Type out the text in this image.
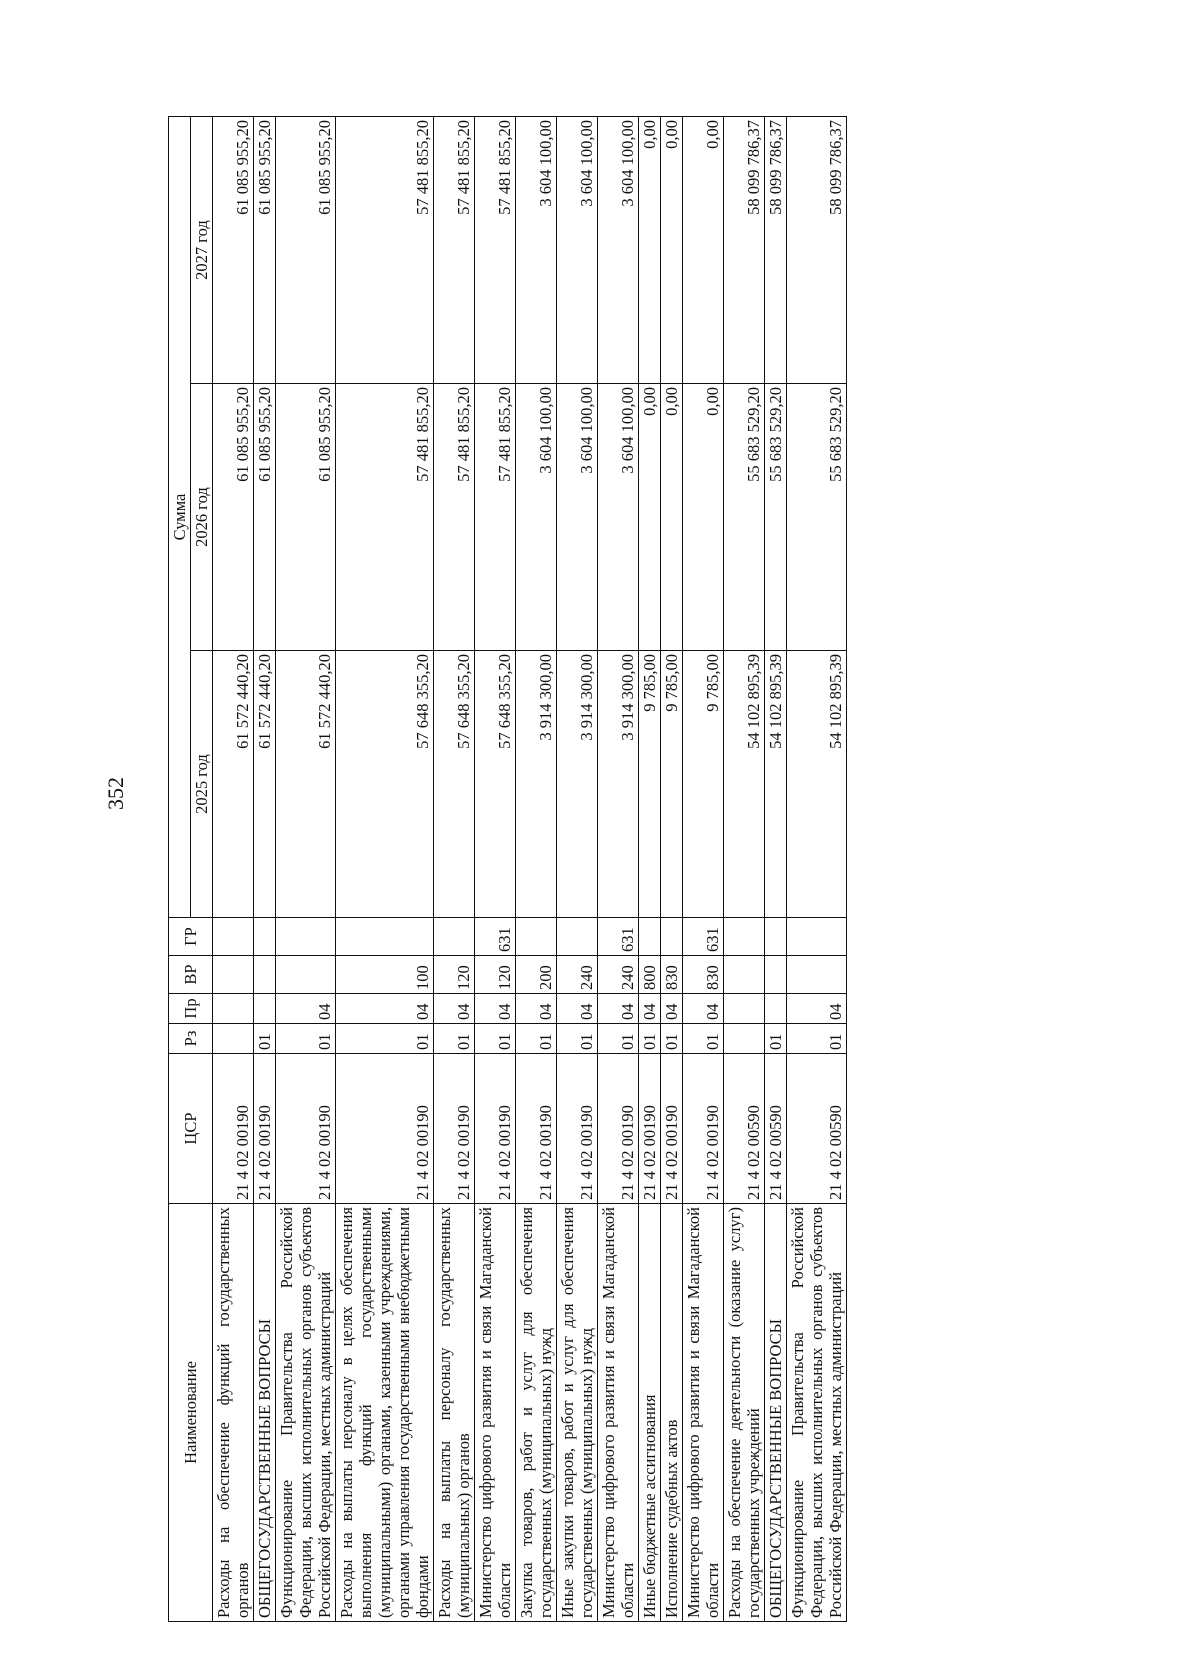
352
Наименование	ЦСР	Рз	Пр	ВР	ГР	Сумма		
						2025 год	2026 год	2027 год
Расходы на обеспечение функций государственных органов	21 4 02 00190					61 572 440,20	61 085 955,20	61 085 955,20
ОБЩЕГОСУДАРСТВЕННЫЕ ВОПРОСЫ	21 4 02 00190	01				61 572 440,20	61 085 955,20	61 085 955,20
Функционирование Правительства Российской Федерации, высших исполнительных органов субъектов Российской Федерации, местных администраций	21 4 02 00190	01	04			61 572 440,20	61 085 955,20	61 085 955,20
Расходы на выплаты персоналу в целях обеспечения выполнения функций государственными (муниципальными) органами, казенными учреждениями, органами управления государственными внебюджетными фондами	21 4 02 00190	01	04	100		57 648 355,20	57 481 855,20	57 481 855,20
Расходы на выплаты персоналу государственных (муниципальных) органов	21 4 02 00190	01	04	120		57 648 355,20	57 481 855,20	57 481 855,20
Министерство цифрового развития и связи Магаданской области	21 4 02 00190	01	04	120	631	57 648 355,20	57 481 855,20	57 481 855,20
Закупка товаров, работ и услуг для обеспечения государственных (муниципальных) нужд	21 4 02 00190	01	04	200		3 914 300,00	3 604 100,00	3 604 100,00
Иные закупки товаров, работ и услуг для обеспечения государственных (муниципальных) нужд	21 4 02 00190	01	04	240		3 914 300,00	3 604 100,00	3 604 100,00
Министерство цифрового развития и связи Магаданской области	21 4 02 00190	01	04	240	631	3 914 300,00	3 604 100,00	3 604 100,00
Иные бюджетные ассигнования	21 4 02 00190	01	04	800		9 785,00	0,00	0,00
Исполнение судебных актов	21 4 02 00190	01	04	830		9 785,00	0,00	0,00
Министерство цифрового развития и связи Магаданской области	21 4 02 00190	01	04	830	631	9 785,00	0,00	0,00
Расходы на обеспечение деятельности (оказание услуг) государственных учреждений	21 4 02 00590					54 102 895,39	55 683 529,20	58 099 786,37
ОБЩЕГОСУДАРСТВЕННЫЕ ВОПРОСЫ	21 4 02 00590	01				54 102 895,39	55 683 529,20	58 099 786,37
Функционирование Правительства Российской Федерации, высших исполнительных органов субъектов Российской Федерации, местных администраций	21 4 02 00590	01	04			54 102 895,39	55 683 529,20	58 099 786,37
